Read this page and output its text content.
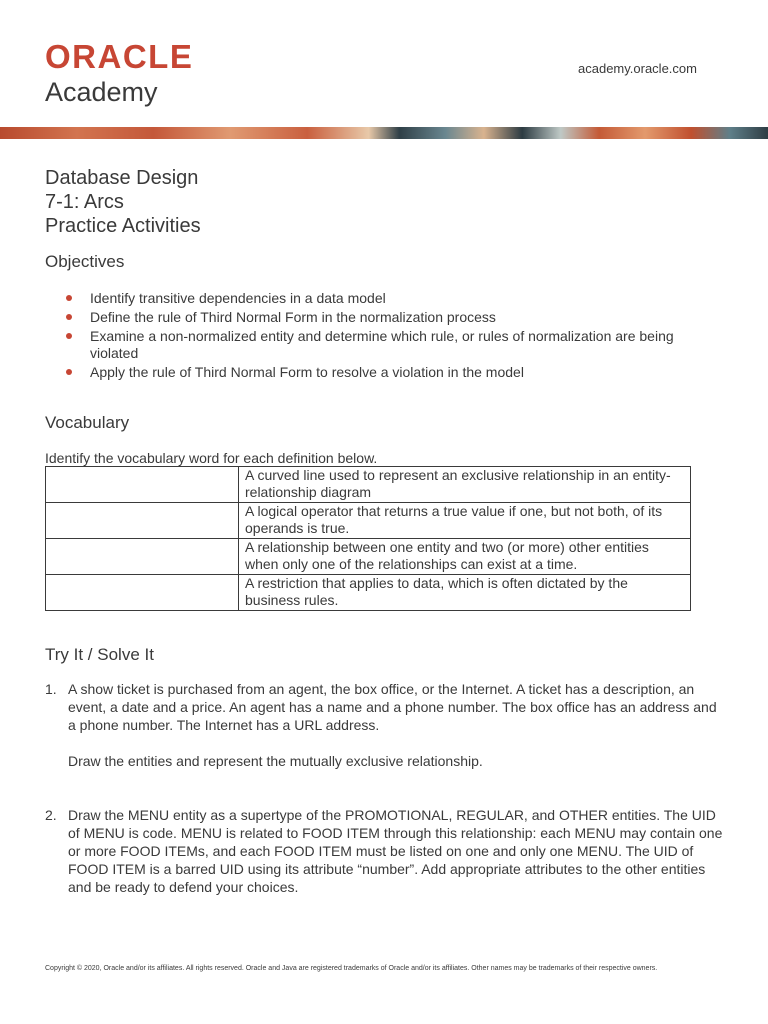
ORACLE
Academy
academy.oracle.com
Database Design
7-1: Arcs
Practice Activities
Objectives
Identify transitive dependencies in a data model
Define the rule of Third Normal Form in the normalization process
Examine a non-normalized entity and determine which rule, or rules of normalization are being violated
Apply the rule of Third Normal Form to resolve a violation in the model
Vocabulary
Identify the vocabulary word for each definition below.
	A curved line used to represent an exclusive relationship in an entity-relationship diagram
	A logical operator that returns a true value if one, but not both, of its operands is true.
	A relationship between one entity and two (or more) other entities when only one of the relationships can exist at a time.
	A restriction that applies to data, which is often dictated by the business rules.
Try It / Solve It
1. A show ticket is purchased from an agent, the box office, or the Internet. A ticket has a description, an event, a date and a price. An agent has a name and a phone number. The box office has an address and a phone number. The Internet has a URL address.

Draw the entities and represent the mutually exclusive relationship.

2. Draw the MENU entity as a supertype of the PROMOTIONAL, REGULAR, and OTHER entities. The UID of MENU is code. MENU is related to FOOD ITEM through this relationship: each MENU may contain one or more FOOD ITEMs, and each FOOD ITEM must be listed on one and only one MENU. The UID of FOOD ITEM is a barred UID using its attribute “number”. Add appropriate attributes to the other entities and be ready to defend your choices.

Copyright © 2020, Oracle and/or its affiliates. All rights reserved. Oracle and Java are registered trademarks of Oracle and/or its affiliates. Other names may be trademarks of their respective owners.
